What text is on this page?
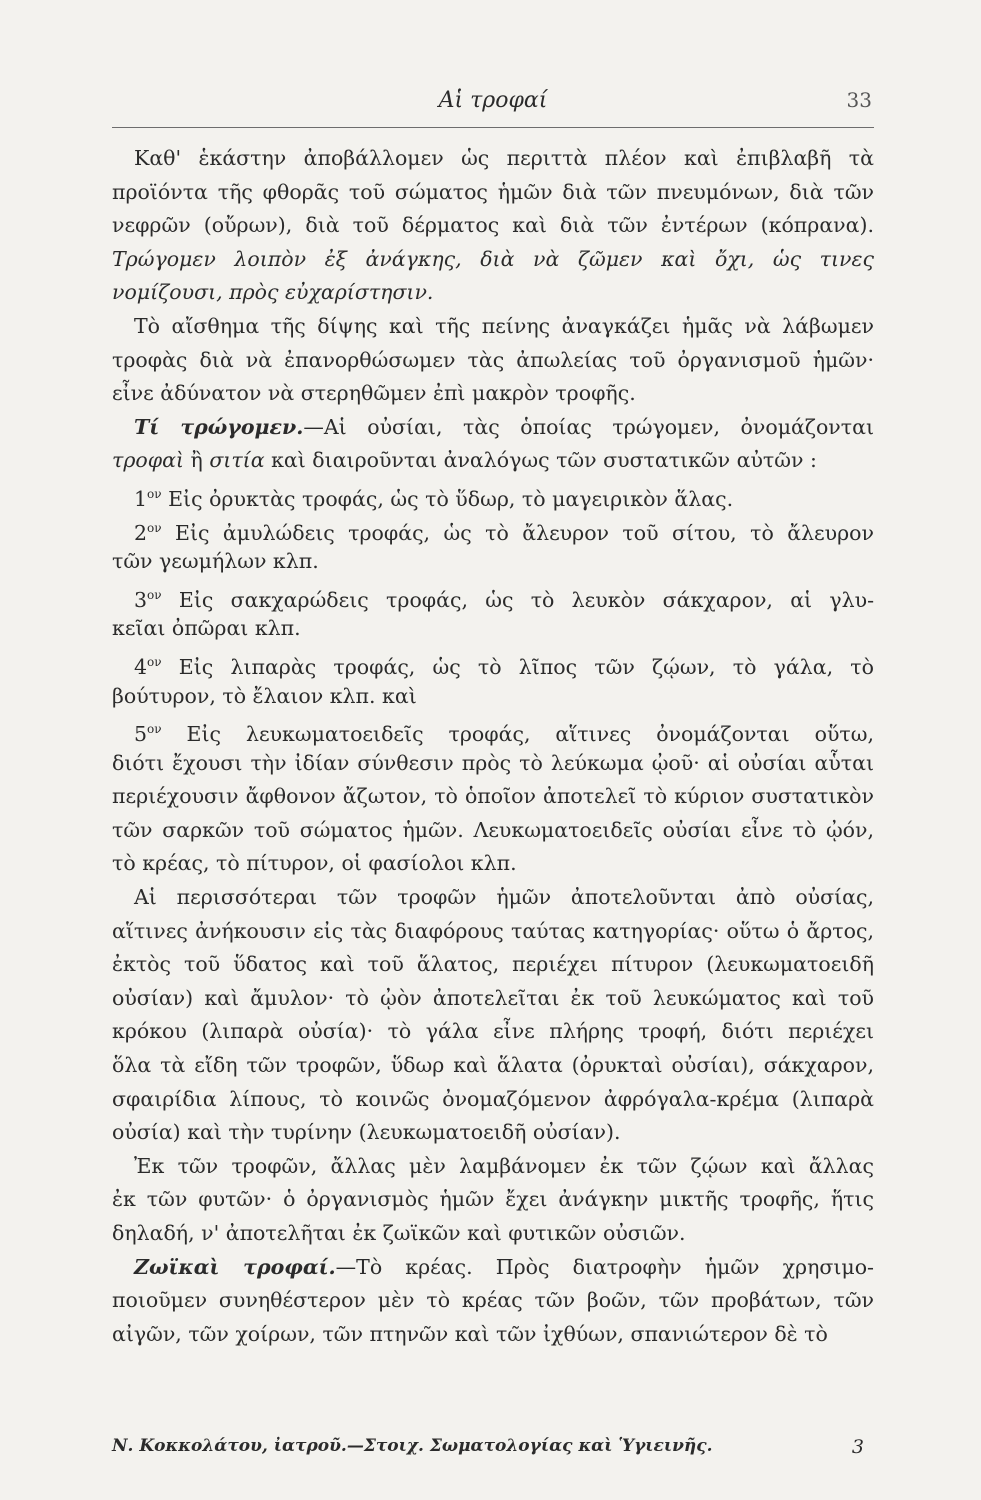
Αἱ τροφαί	33
Καθ' ἑκάστην ἀποβάλλομεν ὡς περιττὰ πλέον καὶ ἐπιβλαβῆ τὰ
προϊόντα τῆς φθορᾶς τοῦ σώματος ἡμῶν διὰ τῶν πνευμόνων, διὰ τῶν
νεφρῶν (οὔρων), διὰ τοῦ δέρματος καὶ διὰ τῶν ἐντέρων (κόπρανα).
Τρώγομεν λοιπὸν ἐξ ἀνάγκης, διὰ νὰ ζῶμεν καὶ ὄχι, ὡς τινες
νομίζουσι, πρὸς εὐχαρίστησιν.
Τὸ αἴσθημα τῆς δίψης καὶ τῆς πείνης ἀναγκάζει ἡμᾶς νὰ λάβωμεν
τροφὰς διὰ νὰ ἐπανορθώσωμεν τὰς ἀπωλείας τοῦ ὀργανισμοῦ ἡμῶν·
εἶνε ἀδύνατον νὰ στερηθῶμεν ἐπὶ μακρὸν τροφῆς.
Τί τρώγομεν.—Αἱ οὐσίαι, τὰς ὁποίας τρώγομεν, ὀνομάζονται
τροφαὶ ἢ σιτία καὶ διαιροῦνται ἀναλόγως τῶν συστατικῶν αὐτῶν :
$1^{o\nu}$ Εἰς ὀρυκτὰς τροφάς, ὡς τὸ ὕδωρ, τὸ μαγειρικὸν ἅλας.
$2^{o\nu}$ Εἰς ἀμυλώδεις τροφάς, ὡς τὸ ἄλευρον τοῦ σίτου, τὸ ἄλευρον
τῶν γεωμήλων κλπ.
$3^{o\nu}$ Εἰς σακχαρώδεις τροφάς, ὡς τὸ λευκὸν σάκχαρον, αἱ γλυ-
κεῖαι ὀπῶραι κλπ.
$4^{o\nu}$ Εἰς λιπαρὰς τροφάς, ὡς τὸ λῖπος τῶν ζῴων, τὸ γάλα, τὸ
βούτυρον, τὸ ἔλαιον κλπ. καὶ
$5^{o\nu}$ Εἰς λευκωματοειδεῖς τροφάς, αἵτινες ὀνομάζονται οὕτω,
διότι ἔχουσι τὴν ἰδίαν σύνθεσιν πρὸς τὸ λεύκωμα ᾠοῦ· αἱ οὐσίαι αὗται
περιέχουσιν ἄφθονον ἄζωτον, τὸ ὁποῖον ἀποτελεῖ τὸ κύριον συστατικὸν
τῶν σαρκῶν τοῦ σώματος ἡμῶν. Λευκωματοειδεῖς οὐσίαι εἶνε τὸ ᾠόν,
τὸ κρέας, τὸ πίτυρον, οἱ φασίολοι κλπ.
Αἱ περισσότεραι τῶν τροφῶν ἡμῶν ἀποτελοῦνται ἀπὸ οὐσίας,
αἵτινες ἀνήκουσιν εἰς τὰς διαφόρους ταύτας κατηγορίας· οὕτω ὁ ἄρτος,
ἐκτὸς τοῦ ὕδατος καὶ τοῦ ἅλατος, περιέχει πίτυρον (λευκωματοειδῆ
οὐσίαν) καὶ ἄμυλον· τὸ ᾠὸν ἀποτελεῖται ἐκ τοῦ λευκώματος καὶ τοῦ
κρόκου (λιπαρὰ οὐσία)· τὸ γάλα εἶνε πλήρης τροφή, διότι περιέχει
ὅλα τὰ εἴδη τῶν τροφῶν, ὕδωρ καὶ ἅλατα (ὀρυκταὶ οὐσίαι), σάκχαρον,
σφαιρίδια λίπους, τὸ κοινῶς ὀνομαζόμενον ἀφρόγαλα-κρέμα (λιπαρὰ
οὐσία) καὶ τὴν τυρίνην (λευκωματοειδῆ οὐσίαν).
Ἐκ τῶν τροφῶν, ἄλλας μὲν λαμβάνομεν ἐκ τῶν ζῴων καὶ ἄλλας
ἐκ τῶν φυτῶν· ὁ ὀργανισμὸς ἡμῶν ἔχει ἀνάγκην μικτῆς τροφῆς, ἥτις
δηλαδή, ν' ἀποτελῆται ἐκ ζωϊκῶν καὶ φυτικῶν οὐσιῶν.
Ζωϊκαὶ τροφαί.—Τὸ κρέας. Πρὸς διατροφὴν ἡμῶν χρησιμο-
ποιοῦμεν συνηθέστερον μὲν τὸ κρέας τῶν βοῶν, τῶν προβάτων, τῶν
αἰγῶν, τῶν χοίρων, τῶν πτηνῶν καὶ τῶν ἰχθύων, σπανιώτερον δὲ τὸ
Ν. Κοκκολάτου, ἰατροῦ.—Στοιχ. Σωματολογίας καὶ Ὑγιεινῆς.	3
